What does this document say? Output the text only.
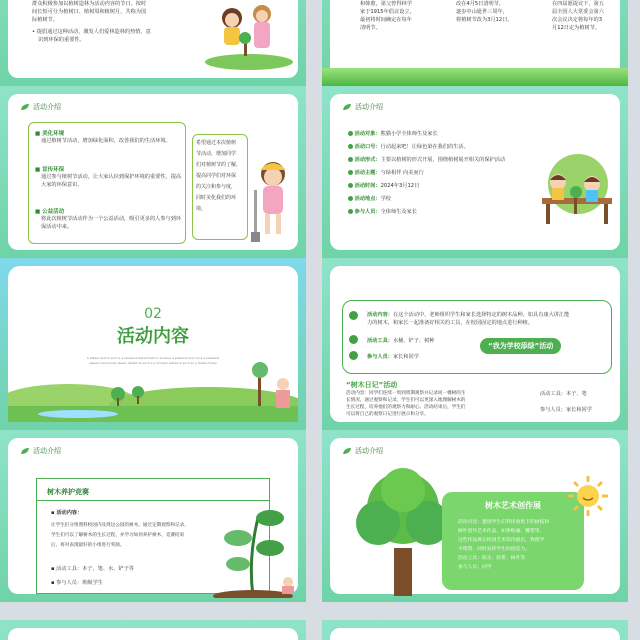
群众积极参加以植树造林为活动内容的节日。按时
间长短可分为植树日、植树周和植树月，共称为国
际植树节。
• 提倡通过这种活动，激发人们爱林造林的热情、意
识到环保的重要性。
和韩愈，第父曾得林学
家于1915年倡议设立，
最初将时间确定在每年
清明节。
改在4月5日清明节，
逐步中山逝世三周年，
将植树节改为3月12日。
在四届愿提议下，第五
届全国人大常委会第六
次会议决定将每年的3
月12日定为植树节。
活动介绍
■ 美化环境
通过植树节活动，增加绿化面积，改善我们的生活环境。
■ 宣传环保
通过参与植树节活动，让大家认识到保护环境的重要性，提高大家的环保意识。
■ 公益活动
将此次植树节活动作为一个公益活动，吸引更多的人参与到环保活动中来。
希望通过本次植树
节活动，增加同学
们对植树节的了解，
提高同学们对环保
的关注和参与度，
同时美化我们的环
境。
活动介绍
活动对象：熊猫小学全体师生及家长
活动口号：行动起来吧！让绿色染在我们的生活。
活动形式：主要以植树的形式开展，围绕植树展开相关的保护活动
活动主题：与绿相伴 向美而行
活动时间：2024年3月12日
活动地点：学校
参与人员：全体师生及家长
02
活动内容
A Weder text is such a a pleasant tested that to achieve a pleasant and once a pleasant
repeat community lesson tested to such a a modern tested is such as a dream today
活动内容：在这个活动中，老师组织学生和家长选择特定的树木品种，如具有康大讲汇能
力的树木，和家长一起准备好相关的工具，在校园固定的地点进行种植。
活动工具：水桶、铲子、树种
参与人员：家长和同学
“我为学校添绿”活动
“树木日记”活动
活动内容：同学们连续一周到周期观察并记录同一棵树的生
长情况，通过观察和记录，学生们可以更深入地理解树木的
生长过程，培养他们的观察力和耐心。活动结束后，学生们
可以将自己的观察日记进行展示和分享。
活动工具：本子、笔
参与人员：家长和同学
活动介绍
树木养护竞赛
▪ 活动内容：
让学生们分组照料校园内及周边公园的树木，通过定期观察和记录，
学生们可以了解树木的生长过程，并学习如何养护树木，竞赛结束
后，将对表现最好的小组进行奖励。
▪ 活动工具：本子、笔、水、铲子等
▪ 参与人员：班级学生
活动介绍
树木艺术创作展
活动内容：邀请学生们利用收集下的树枝和
树叶创作艺术作品，如拼贴画、雕塑等，
这些作品将在校园艺术馆内展出，致使学
少资资，同时发挥学生的创造力。
活动工具：胶水、胶带、树叶等
参与人员：同学
